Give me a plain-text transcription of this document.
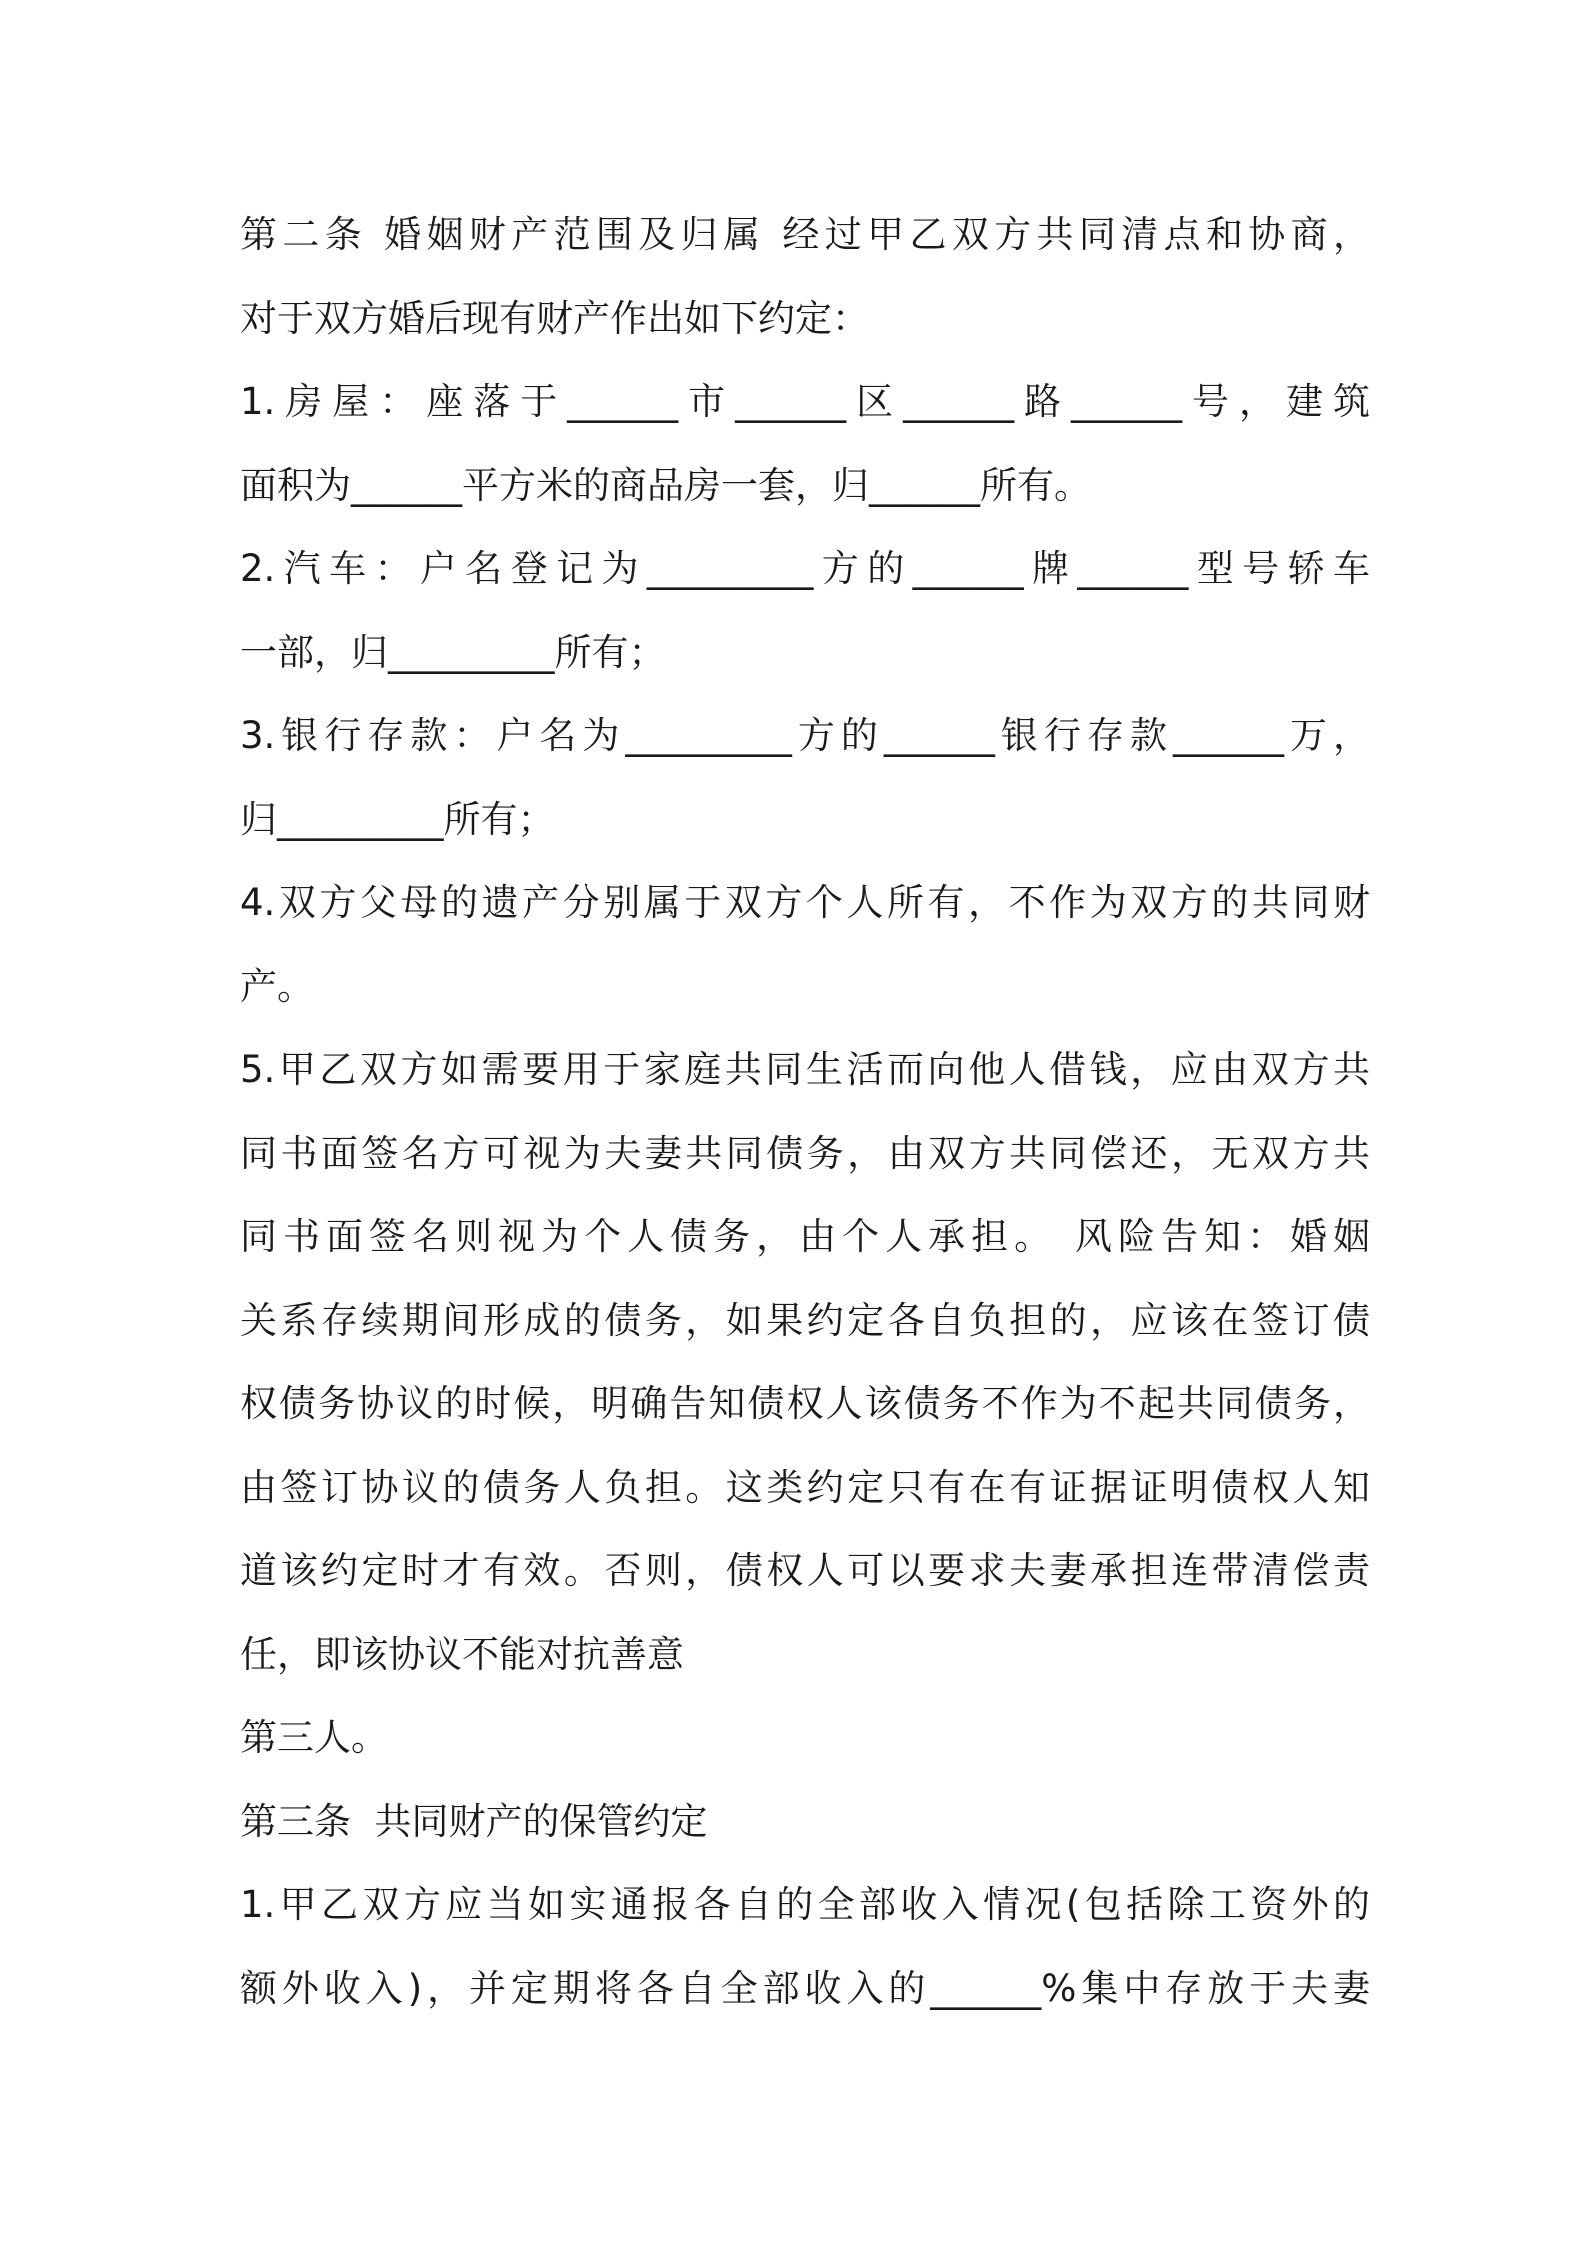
第二条 婚姻财产范围及归属 经过甲乙双方共同清点和协商，
对于双方婚后现有财产作出如下约定：
1.房屋：座落于______市______区______路______号，建筑
面积为______平方米的商品房一套，归______所有。
2.汽车：户名登记为_________方的______牌______型号轿车
一部，归_________所有；
3.银行存款：户名为_________方的______银行存款______万，
归_________所有；
4.双方父母的遗产分别属于双方个人所有，不作为双方的共同财
产。
5.甲乙双方如需要用于家庭共同生活而向他人借钱，应由双方共
同书面签名方可视为夫妻共同债务，由双方共同偿还，无双方共
同书面签名则视为个人债务，由个人承担。 风险告知：婚姻
关系存续期间形成的债务，如果约定各自负担的，应该在签订债
权债务协议的时候，明确告知债权人该债务不作为不起共同债务，
由签订协议的债务人负担。这类约定只有在有证据证明债权人知
道该约定时才有效。否则，债权人可以要求夫妻承担连带清偿责
任，即该协议不能对抗善意
第三人。
第三条  共同财产的保管约定
1.甲乙双方应当如实通报各自的全部收入情况(包括除工资外的
额外收入)，并定期将各自全部收入的______%集中存放于夫妻
